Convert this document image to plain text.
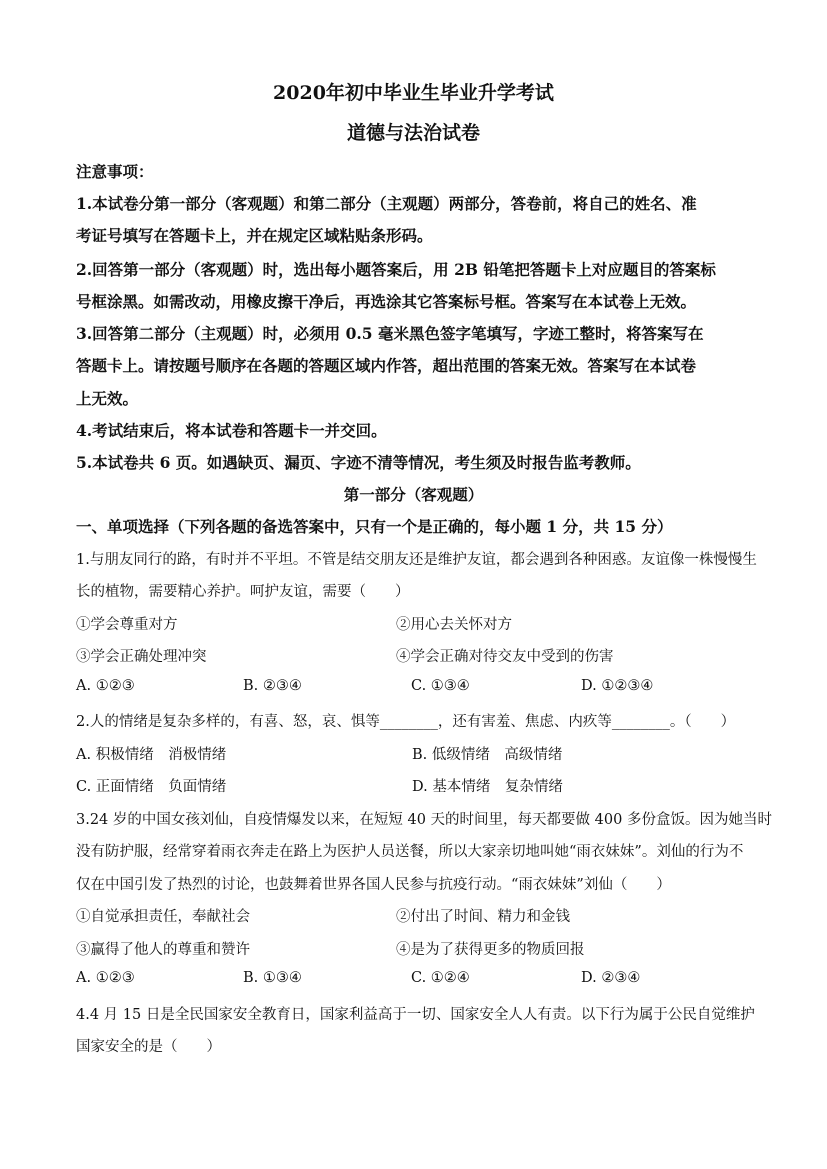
2020年初中毕业生毕业升学考试
道德与法治试卷
注意事项：
1.本试卷分第一部分（客观题）和第二部分（主观题）两部分，答卷前，将自己的姓名、准
考证号填写在答题卡上，并在规定区域粘贴条形码。
2.回答第一部分（客观题）时，选出每小题答案后，用 2B 铅笔把答题卡上对应题目的答案标
号框涂黑。如需改动，用橡皮擦干净后，再选涂其它答案标号框。答案写在本试卷上无效。
3.回答第二部分（主观题）时，必须用 0.5 毫米黑色签字笔填写，字迹工整时，将答案写在
答题卡上。请按题号顺序在各题的答题区域内作答，超出范围的答案无效。答案写在本试卷
上无效。
4.考试结束后，将本试卷和答题卡一并交回。
5.本试卷共 6 页。如遇缺页、漏页、字迹不清等情况，考生须及时报告监考教师。
第一部分（客观题）
一、单项选择（下列各题的备选答案中，只有一个是正确的，每小题 1 分，共 15 分）
1.与朋友同行的路，有时并不平坦。不管是结交朋友还是维护友谊，都会遇到各种困惑。友谊像一株慢慢生
长的植物，需要精心养护。呵护友谊，需要（　　）
①学会尊重对方	②用心去关怀对方
③学会正确处理冲突	④学会正确对待交友中受到的伤害
A. ①②③	B. ②③④	C. ①③④	D. ①②③④
2.人的情绪是复杂多样的，有喜、怒，哀、惧等________，还有害羞、焦虑、内疚等________。（　　）
A. 积极情绪　消极情绪	B. 低级情绪　高级情绪
C. 正面情绪　负面情绪	D. 基本情绪　复杂情绪
3.24 岁的中国女孩刘仙，自疫情爆发以来，在短短 40 天的时间里，每天都要做 400 多份盒饭。因为她当时
没有防护服，经常穿着雨衣奔走在路上为医护人员送餐，所以大家亲切地叫她“雨衣妹妹”。刘仙的行为不
仅在中国引发了热烈的讨论，也鼓舞着世界各国人民参与抗疫行动。“雨衣妹妹”刘仙（　　）
①自觉承担责任，奉献社会	②付出了时间、精力和金钱
③赢得了他人的尊重和赞许	④是为了获得更多的物质回报
A. ①②③	B. ①③④	C. ①②④	D. ②③④
4.4 月 15 日是全民国家安全教育日，国家利益高于一切、国家安全人人有责。以下行为属于公民自觉维护
国家安全的是（　　）
